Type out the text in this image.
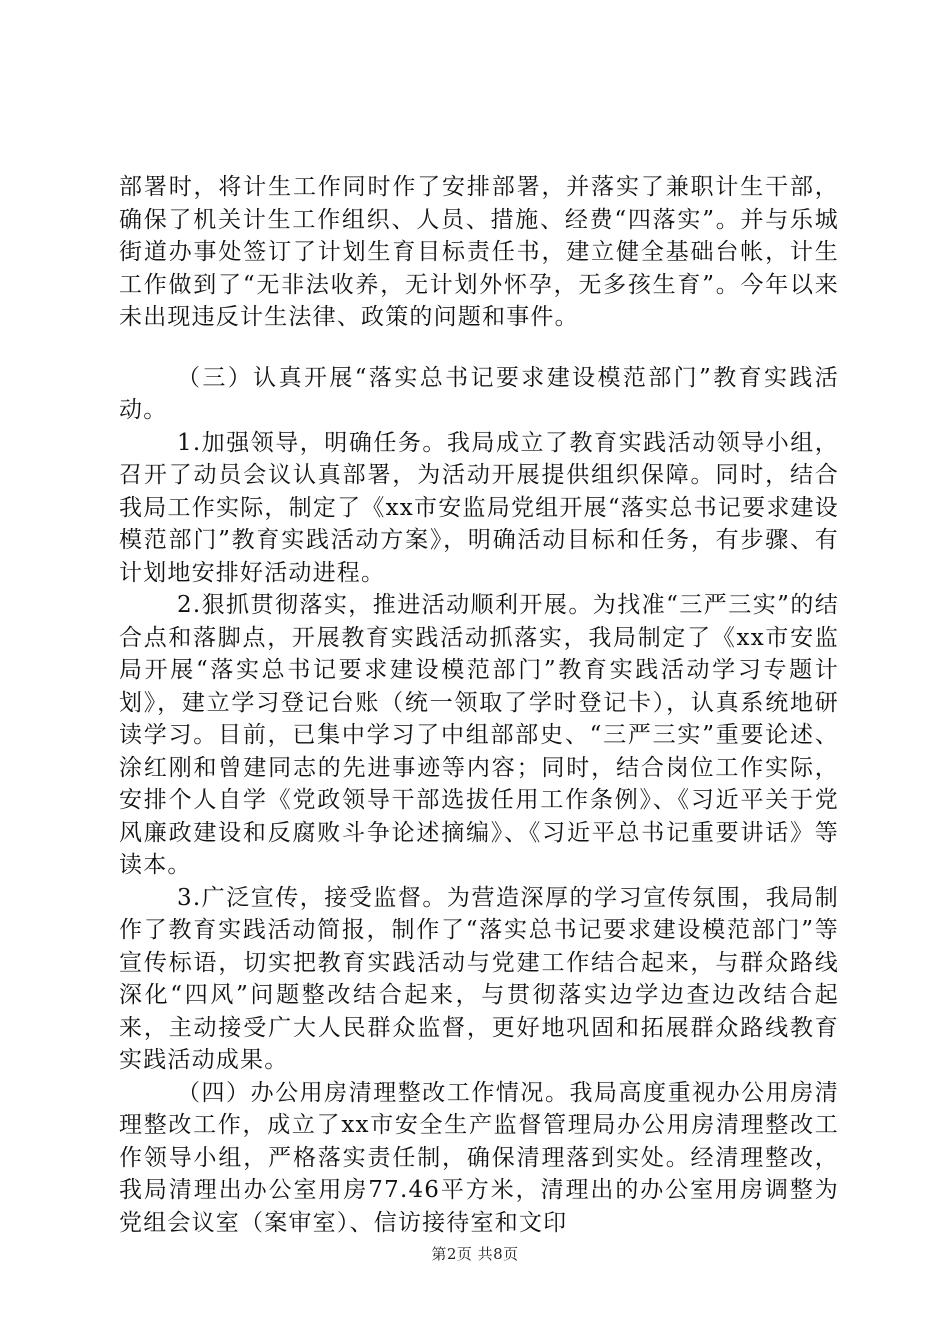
部署时，将计生工作同时作了安排部署，并落实了兼职计生干部，确保了机关计生工作组织、人员、措施、经费“四落实”。并与乐城街道办事处签订了计划生育目标责任书，建立健全基础台帐，计生工作做到了“无非法收养，无计划外怀孕，无多孩生育”。今年以来未出现违反计生法律、政策的问题和事件。

（三）认真开展“落实总书记要求建设模范部门”教育实践活动。

1.加强领导，明确任务。我局成立了教育实践活动领导小组，召开了动员会议认真部署，为活动开展提供组织保障。同时，结合我局工作实际，制定了《xx市安监局党组开展“落实总书记要求建设模范部门”教育实践活动方案》，明确活动目标和任务，有步骤、有计划地安排好活动进程。

2.狠抓贯彻落实，推进活动顺利开展。为找准“三严三实”的结合点和落脚点，开展教育实践活动抓落实，我局制定了《xx市安监局开展“落实总书记要求建设模范部门”教育实践活动学习专题计划》，建立学习登记台账（统一领取了学时登记卡），认真系统地研读学习。目前，已集中学习了中组部部史、“三严三实”重要论述、涂红刚和曾建同志的先进事迹等内容；同时，结合岗位工作实际，安排个人自学《党政领导干部选拔任用工作条例》、《习近平关于党风廉政建设和反腐败斗争论述摘编》、《习近平总书记重要讲话》等读本。

3.广泛宣传，接受监督。为营造深厚的学习宣传氛围，我局制作了教育实践活动简报，制作了“落实总书记要求建设模范部门”等宣传标语，切实把教育实践活动与党建工作结合起来，与群众路线深化“四风”问题整改结合起来，与贯彻落实边学边查边改结合起来，主动接受广大人民群众监督，更好地巩固和拓展群众路线教育实践活动成果。

（四）办公用房清理整改工作情况。我局高度重视办公用房清理整改工作，成立了xx市安全生产监督管理局办公用房清理整改工作领导小组，严格落实责任制，确保清理落到实处。经清理整改，我局清理出办公室用房77.46平方米，清理出的办公室用房调整为党组会议室（案审室）、信访接待室和文印

第2页 共8页
